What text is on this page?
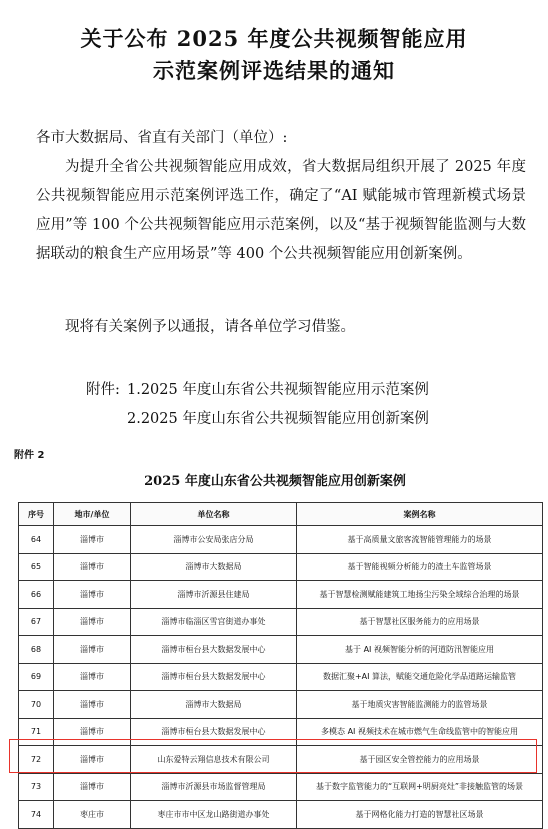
关于公布 2025 年度公共视频智能应用
示范案例评选结果的通知
各市大数据局、省直有关部门（单位）:
为提升全省公共视频智能应用成效，省大数据局组织开展了 2025 年度公共视频智能应用示范案例评选工作，确定了“AI 赋能城市管理新模式场景应用”等 100 个公共视频智能应用示范案例，以及“基于视频智能监测与大数据联动的粮食生产应用场景”等 400 个公共视频智能应用创新案例。
现将有关案例予以通报，请各单位学习借鉴。
附件: 1.2025 年度山东省公共视频智能应用示范案例
2.2025 年度山东省公共视频智能应用创新案例
附件 2
2025 年度山东省公共视频智能应用创新案例
序号	地市/单位	单位名称	案例名称
64	淄博市	淄博市公安局张店分局	基于高质量文旅客流智能管理能力的场景
65	淄博市	淄博市大数据局	基于智能视频分析能力的渣土车监管场景
66	淄博市	淄博市沂源县住建局	基于智慧检测赋能建筑工地扬尘污染全域综合治理的场景
67	淄博市	淄博市临淄区雪宫街道办事处	基于智慧社区服务能力的应用场景
68	淄博市	淄博市桓台县大数据发展中心	基于 AI 视频智能分析的河道防汛智能应用
69	淄博市	淄博市桓台县大数据发展中心	数据汇聚+AI 算法，赋能交通危险化学品道路运输监管
70	淄博市	淄博市大数据局	基于地质灾害智能监测能力的监管场景
71	淄博市	淄博市桓台县大数据发展中心	多模态 AI 视频技术在城市燃气生命线监管中的智能应用
72	淄博市	山东爱特云翔信息技术有限公司	基于园区安全管控能力的应用场景
73	淄博市	淄博市沂源县市场监督管理局	基于数字监管能力的“互联网+明厨亮灶”非接触监管的场景
74	枣庄市	枣庄市市中区龙山路街道办事处	基于网格化能力打造的智慧社区场景
